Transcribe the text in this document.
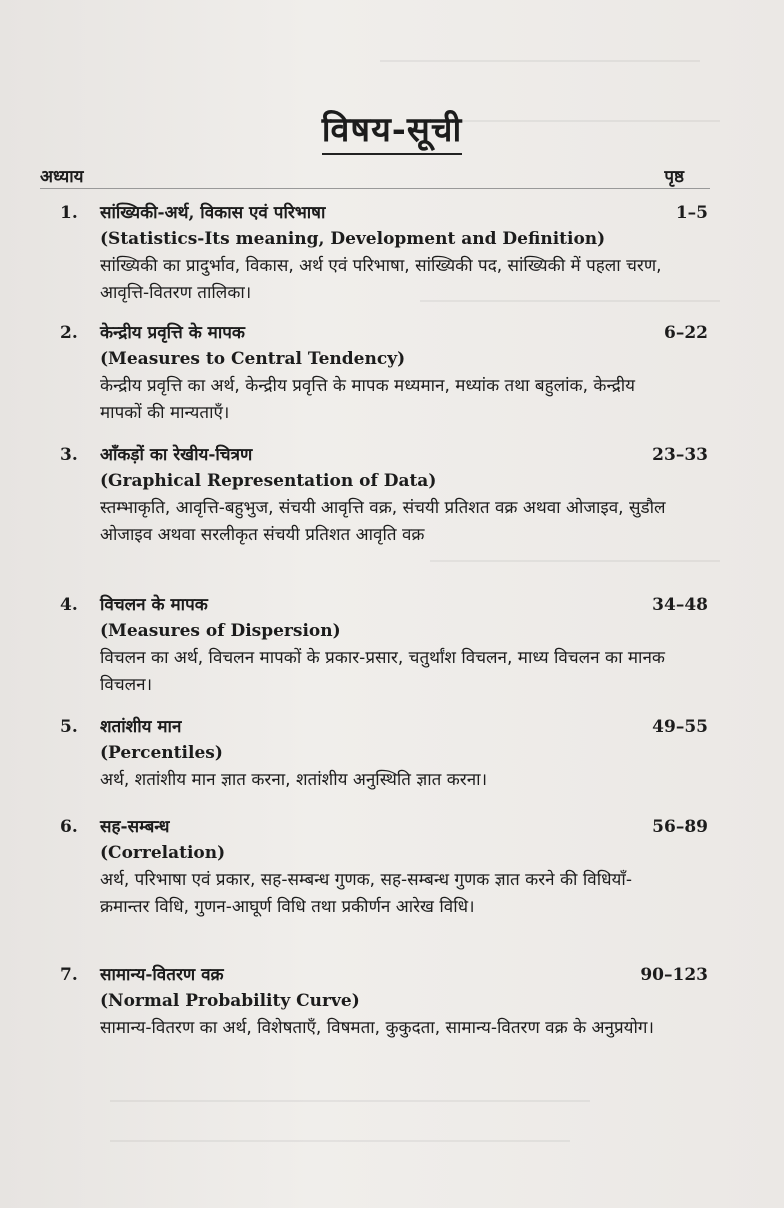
विषय-सूची
अध्याय	पृष्ठ
1.	सांख्यिकी-अर्थ, विकास एवं परिभाषा	1–5
(Statistics-Its meaning, Development and Definition)
सांख्यिकी का प्रादुर्भाव, विकास, अर्थ एवं परिभाषा, सांख्यिकी पद, सांख्यिकी में पहला चरण, आवृत्ति-वितरण तालिका।
2.	केन्द्रीय प्रवृत्ति के मापक	6–22
(Measures to Central Tendency)
केन्द्रीय प्रवृत्ति का अर्थ, केन्द्रीय प्रवृत्ति के मापक मध्यमान, मध्यांक तथा बहुलांक, केन्द्रीय मापकों की मान्यताएँ।
3.	आँकड़ों का रेखीय-चित्रण	23–33
(Graphical Representation of Data)
स्तम्भाकृति, आवृत्ति-बहुभुज, संचयी आवृत्ति वक्र, संचयी प्रतिशत वक्र अथवा ओजाइव, सुडौल ओजाइव अथवा सरलीकृत संचयी प्रतिशत आवृति वक्र
4.	विचलन के मापक	34–48
(Measures of Dispersion)
विचलन का अर्थ, विचलन मापकों के प्रकार-प्रसार, चतुर्थांश विचलन, माध्य विचलन का मानक विचलन।
5.	शतांशीय मान	49–55
(Percentiles)
अर्थ, शतांशीय मान ज्ञात करना, शतांशीय अनुस्थिति ज्ञात करना।
6.	सह-सम्बन्ध	56–89
(Correlation)
अर्थ, परिभाषा एवं प्रकार, सह-सम्बन्ध गुणक, सह-सम्बन्ध गुणक ज्ञात करने की विधियाँ-क्रमान्तर विधि, गुणन-आघूर्ण विधि तथा प्रकीर्णन आरेख विधि।
7.	सामान्य-वितरण वक्र	90–123
(Normal Probability Curve)
सामान्य-वितरण का अर्थ, विशेषताएँ, विषमता, कुकुदता, सामान्य-वितरण वक्र के अनुप्रयोग।
